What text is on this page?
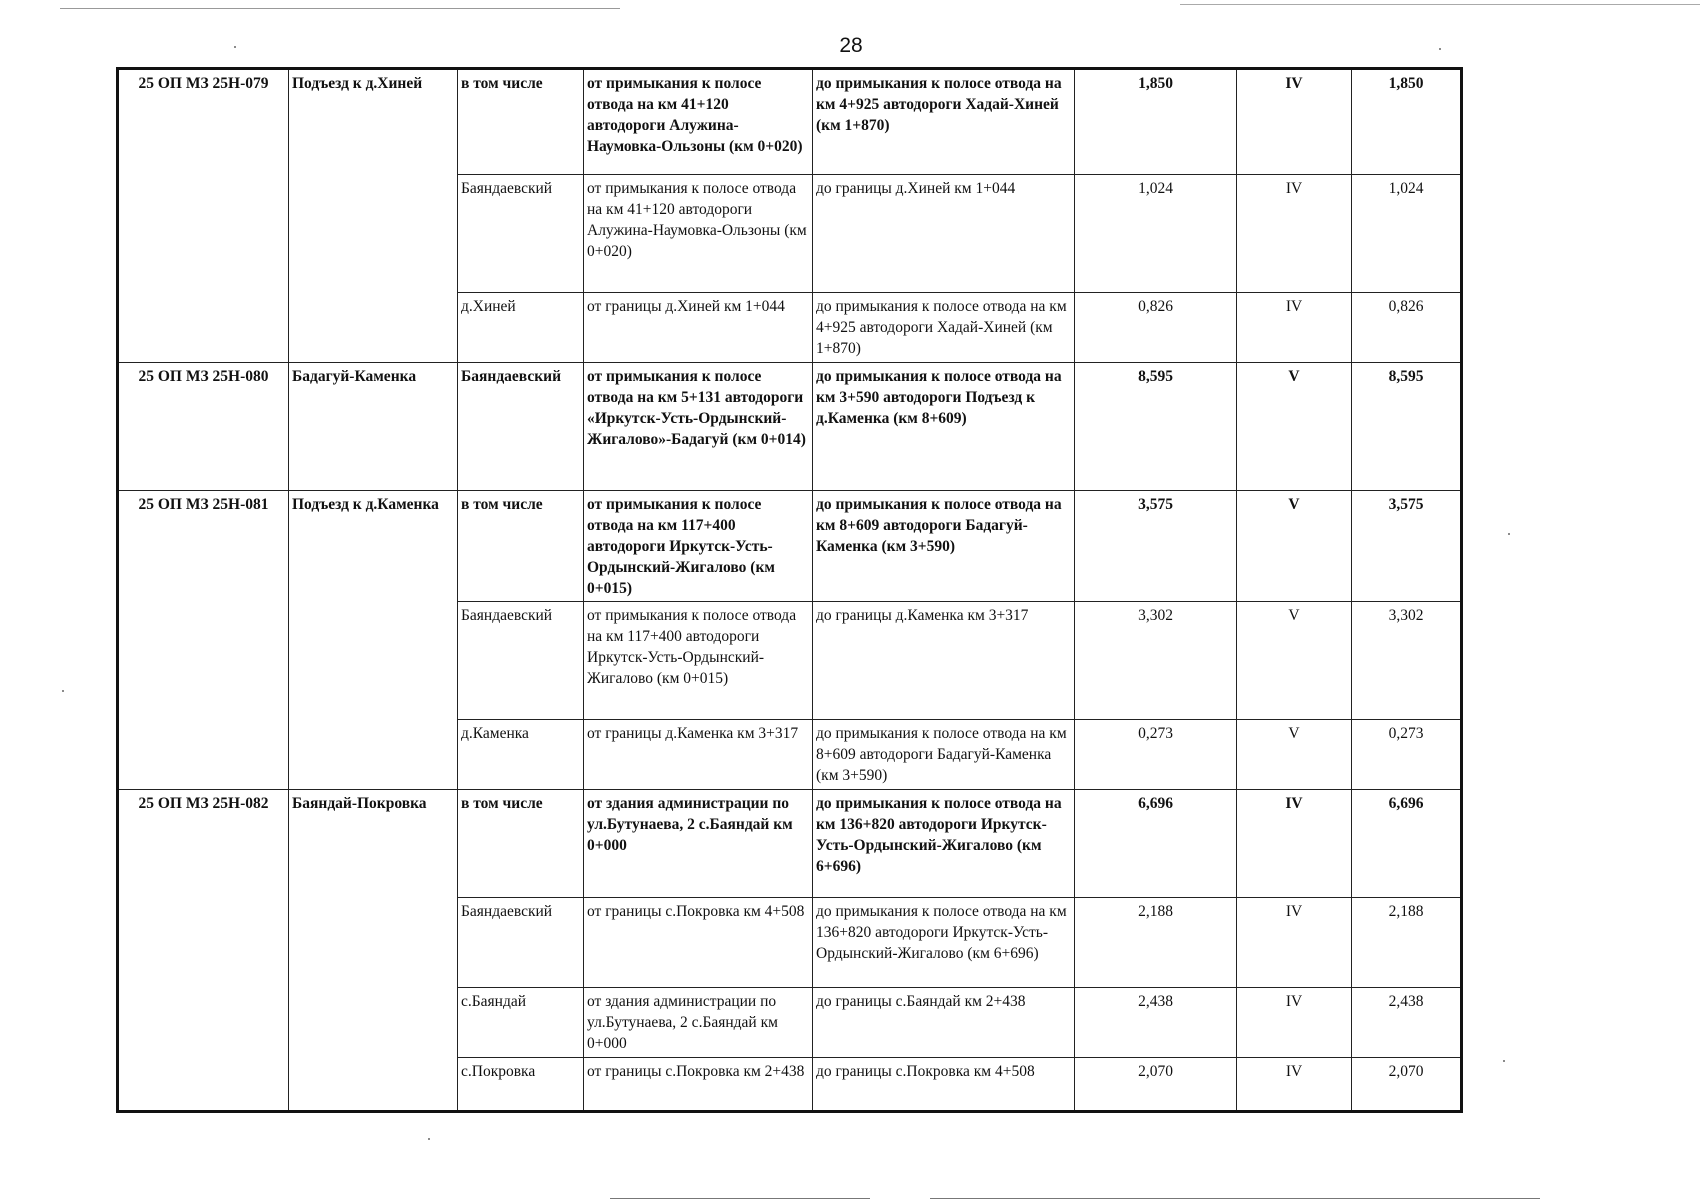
28
25 ОП МЗ 25Н-079	Подъезд к д.Хиней	в том числе	от примыкания к полосе отвода на км 41+120 автодороги Алужина-Наумовка-Ользоны (км 0+020)	до примыкания к полосе отвода на км 4+925 автодороги Хадай-Хиней (км 1+870)	1,850	IV	1,850
		Баяндаевский	от примыкания к полосе отвода на км 41+120 автодороги Алужина-Наумовка-Ользоны (км 0+020)	до границы д.Хиней км 1+044	1,024	IV	1,024
		д.Хиней	от границы д.Хиней км 1+044	до примыкания к полосе отвода на км 4+925 автодороги Хадай-Хиней (км 1+870)	0,826	IV	0,826
25 ОП МЗ 25Н-080	Бадагуй-Каменка	Баяндаевский	от примыкания к полосе отвода на км 5+131 автодороги «Иркутск-Усть-Ордынский-Жигалово»-Бадагуй (км 0+014)	до примыкания к полосе отвода на км 3+590 автодороги Подъезд к д.Каменка (км 8+609)	8,595	V	8,595
25 ОП МЗ 25Н-081	Подъезд к д.Каменка	в том числе	от примыкания к полосе отвода на км 117+400 автодороги Иркутск-Усть-Ордынский-Жигалово (км 0+015)	до примыкания к полосе отвода на км 8+609 автодороги Бадагуй-Каменка (км 3+590)	3,575	V	3,575
		Баяндаевский	от примыкания к полосе отвода на км 117+400 автодороги Иркутск-Усть-Ордынский-Жигалово (км 0+015)	до границы д.Каменка км 3+317	3,302	V	3,302
		д.Каменка	от границы д.Каменка км 3+317	до примыкания к полосе отвода на км 8+609 автодороги Бадагуй-Каменка (км 3+590)	0,273	V	0,273
25 ОП МЗ 25Н-082	Баяндай-Покровка	в том числе	от здания администрации по ул.Бутунаева, 2 с.Баяндай км 0+000	до примыкания к полосе отвода на км 136+820 автодороги Иркутск-Усть-Ордынский-Жигалово (км 6+696)	6,696	IV	6,696
		Баяндаевский	от границы с.Покровка км 4+508	до примыкания к полосе отвода на км 136+820 автодороги Иркутск-Усть-Ордынский-Жигалово (км 6+696)	2,188	IV	2,188
		с.Баяндай	от здания администрации по ул.Бутунаева, 2 с.Баяндай км 0+000	до границы с.Баяндай км 2+438	2,438	IV	2,438
		с.Покровка	от границы с.Покровка км 2+438	до границы с.Покровка км 4+508	2,070	IV	2,070
